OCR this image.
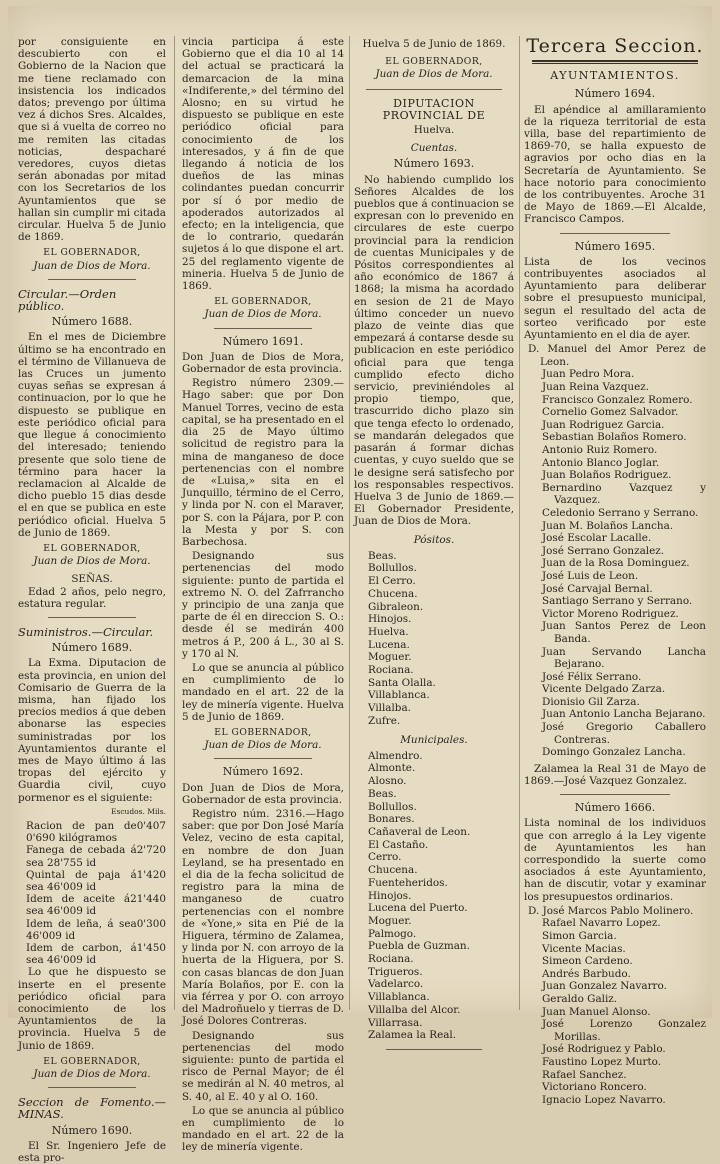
por consiguiente en descubierto con el Gobierno de la Nacion que me tiene reclamado con insistencia los indicados datos; prevengo por última vez á dichos Sres. Alcaldes, que si á vuelta de correo no me remiten las citadas noticias, despacharé veredores, cuyos dietas serán abonadas por mitad con los Secretarios de los Ayuntamientos que se hallan sin cumplir mi citada circular. Huelva 5 de Junio de 1869.

EL GOBERNADOR,
Juan de Dios de Mora.
Circular.—Orden público.
Número 1688.

En el mes de Diciembre último se ha encontrado en el término de Villanueva de las Cruces un jumento cuyas señas se expresan á continuacion, por lo que he dispuesto se publique en este periódico oficial para que llegue á conocimiento del interesado; teniendo presente que solo tiene de término para hacer la reclamacion al Alcalde de dicho pueblo 15 dias desde el en que se publica en este periódico oficial. Huelva 5 de Junio de 1869.

EL GOBERNADOR,
Juan de Dios de Mora.
SEÑAS.

Edad 2 años, pelo negro, estatura regular.

Suministros.—Circular.
Número 1689.

La Exma. Diputacion de esta provincia, en union del Comisario de Guerra de la misma, han fijado los precios medios á que deben abonarse las especies suministradas por los Ayuntamientos durante el mes de Mayo último á las tropas del ejército y Guardia civil, cuyo pormenor es el siguiente:

Escudos. Mils.
Racion de pan de 0'690 kilógramos
0'407
Fanega de cebada á sea 28'755 id
2'720
Quintal de paja á sea 46'009 id
1'420
Idem de aceite á sea 46'009 id
21'440
Idem de leña, á sea 46'009 id
0'300
Idem de carbon, á sea 46'009 id
1'450

Lo que he dispuesto se inserte en el presente periódico oficial para conocimiento de los Ayuntamientos de la provincia. Huelva 5 de Junio de 1869.

EL GOBERNADOR,
Juan de Dios de Mora.
Seccion de Fomento.— MINAS.
Número 1690.

El Sr. Ingeniero Jefe de esta pro-

vincia participa á este Gobierno que el dia 10 al 14 del actual se practicará la demarcacion de la mina «Indiferente,» del término del Alosno; en su virtud he dispuesto se publique en este periódico oficial para conocimiento de los interesados, y á fin de que llegando á noticia de los dueños de las minas colindantes puedan concurrir por sí ó por medio de apoderados autorizados al efecto; en la inteligencia, que de lo contrario, quedarán sujetos á lo que dispone el art. 25 del reglamento vigente de mineria. Huelva 5 de Junio de 1869.

EL GOBERNADOR,
Juan de Dios de Mora.
Número 1691.

Don Juan de Dios de Mora, Gobernador de esta provincia.

Registro número 2309.—Hago saber: que por Don Manuel Torres, vecino de esta capital, se ha presentado en el dia 25 de Mayo último solicitud de registro para la mina de manganeso de doce pertenencias con el nombre de «Luisa,» sita en el Junquillo, término de el Cerro, y linda por N. con el Maraver, por S. con la Pájara, por P. con la Mesta y por S. con Barbechosa.

Designando sus pertenencias del modo siguiente: punto de partida el extremo N. O. del Zafrrancho y principio de una zanja que parte de él en direccion S. O.: desde él se medirán 400 metros á P., 200 á L., 30 al S. y 170 al N.

Lo que se anuncia al público en cumplimiento de lo mandado en el art. 22 de la ley de minería vigente. Huelva 5 de Junio de 1869.

EL GOBERNADOR,
Juan de Dios de Mora.
Número 1692.

Don Juan de Dios de Mora, Gobernador de esta provincia.

Registro núm. 2316.—Hago saber: que por Don José María Velez, vecino de esta capital, en nombre de don Juan Leyland, se ha presentado en el dia de la fecha solicitud de registro para la mina de manganeso de cuatro pertenencias con el nombre de «Yone,» sita en Pié de la Higuera, término de Zalamea, y linda por N. con arroyo de la huerta de la Higuera, por S. con casas blancas de don Juan María Bolaños, por E. con la via férrea y por O. con arroyo del Madroñuelo y tierras de D. José Dolores Contreras.

Designando sus pertenencias del modo siguiente: punto de partida el risco de Pernal Mayor; de él se medirán al N. 40 metros, al S. 40, al E. 40 y al O. 160.

Lo que se anuncia al público en cumplimiento de lo mandado en el art. 22 de la ley de minería vigente.

Huelva 5 de Junio de 1869.
EL GOBERNADOR,
Juan de Dios de Mora.
DIPUTACION PROVINCIAL DE
Huelva.
Cuentas.
Número 1693.

No habiendo cumplido los Señores Alcaldes de los pueblos que á continuacion se expresan con lo prevenido en circulares de este cuerpo provincial para la rendicion de cuentas Municipales y de Pósitos correspondientes al año económico de 1867 á 1868; la misma ha acordado en sesion de 21 de Mayo último conceder un nuevo plazo de veinte dias que empezará á contarse desde su publicacion en este periódico oficial para que tenga cumplido efecto dicho servicio, previniéndoles al propio tiempo, que, trascurrido dicho plazo sin que tenga efecto lo ordenado, se mandarán delegados que pasarán á formar dichas cuentas, y cuyo sueldo que se le designe será satisfecho por los responsables respectivos. Huelva 3 de Junio de 1869.—El Gobernador Presidente, Juan de Dios de Mora.

Pósitos.
Beas.
Bollullos.
El Cerro.
Chucena.
Gibraleon.
Hinojos.
Huelva.
Lucena.
Moguer.
Rociana.
Santa Olalla.
Villablanca.
Villalba.
Zufre.
Municipales.
Almendro.
Almonte.
Alosno.
Beas.
Bollullos.
Bonares.
Cañaveral de Leon.
El Castaño.
Cerro.
Chucena.
Fuenteheridos.
Hinojos.
Lucena del Puerto.
Moguer.
Palmogo.
Puebla de Guzman.
Rociana.
Trigueros.
Vadelarco.
Villablanca.
Villalba del Alcor.
Villarrasa.
Zalamea la Real.
Tercera Seccion.
AYUNTAMIENTOS.
Número 1694.

El apéndice al amillaramiento de la riqueza territorial de esta villa, base del repartimiento de 1869-70, se halla expuesto de agravios por ocho dias en la Secretaría de Ayuntamiento. Se hace notorio para conocimiento de los contribuyentes. Aroche 31 de Mayo de 1869.—El Alcalde, Francisco Campos.

Número 1695.

Lista de los vecinos contribuyentes asociados al Ayuntamiento para deliberar sobre el presupuesto municipal, segun el resultado del acta de sorteo verificado por este Ayuntamiento en el dia de ayer.

D. Manuel del Amor Perez de Leon.
Juan Pedro Mora.
Juan Reina Vazquez.
Francisco Gonzalez Romero.
Cornelio Gomez Salvador.
Juan Rodriguez Garcia.
Sebastian Bolaños Romero.
Antonio Ruiz Romero.
Antonio Blanco Joglar.
Juan Bolaños Rodriguez.
Bernardino Vazquez y Vazquez.
Celedonio Serrano y Serrano.
Juan M. Bolaños Lancha.
José Escolar Lacalle.
José Serrano Gonzalez.
Juan de la Rosa Dominguez.
José Luis de Leon.
José Carvajal Bernal.
Santiago Serrano y Serrano.
Victor Moreno Rodriguez.
Juan Santos Perez de Leon Banda.
Juan Servando Lancha Bejarano.
José Félix Serrano.
Vicente Delgado Zarza.
Dionisio Gil Zarza.
Juan Antonio Lancha Bejarano.
José Gregorio Caballero Contreras.
Domingo Gonzalez Lancha.

Zalamea la Real 31 de Mayo de 1869.—José Vazquez Gonzalez.

Número 1666.

Lista nominal de los individuos que con arreglo á la Ley vigente de Ayuntamientos les han correspondido la suerte como asociados á este Ayuntamiento, han de discutir, votar y examinar los presupuestos ordinarios.

D. José Marcos Pablo Molinero.
Rafael Navarro Lopez.
Simon Garcia.
Vicente Macias.
Simeon Cardeno.
Andrés Barbudo.
Juan Gonzalez Navarro.
Geraldo Galiz.
Juan Manuel Alonso.
José Lorenzo Gonzalez Morillas.
José Rodriguez y Pablo.
Faustino Lopez Murto.
Rafael Sanchez.
Victoriano Roncero.
Ignacio Lopez Navarro.
